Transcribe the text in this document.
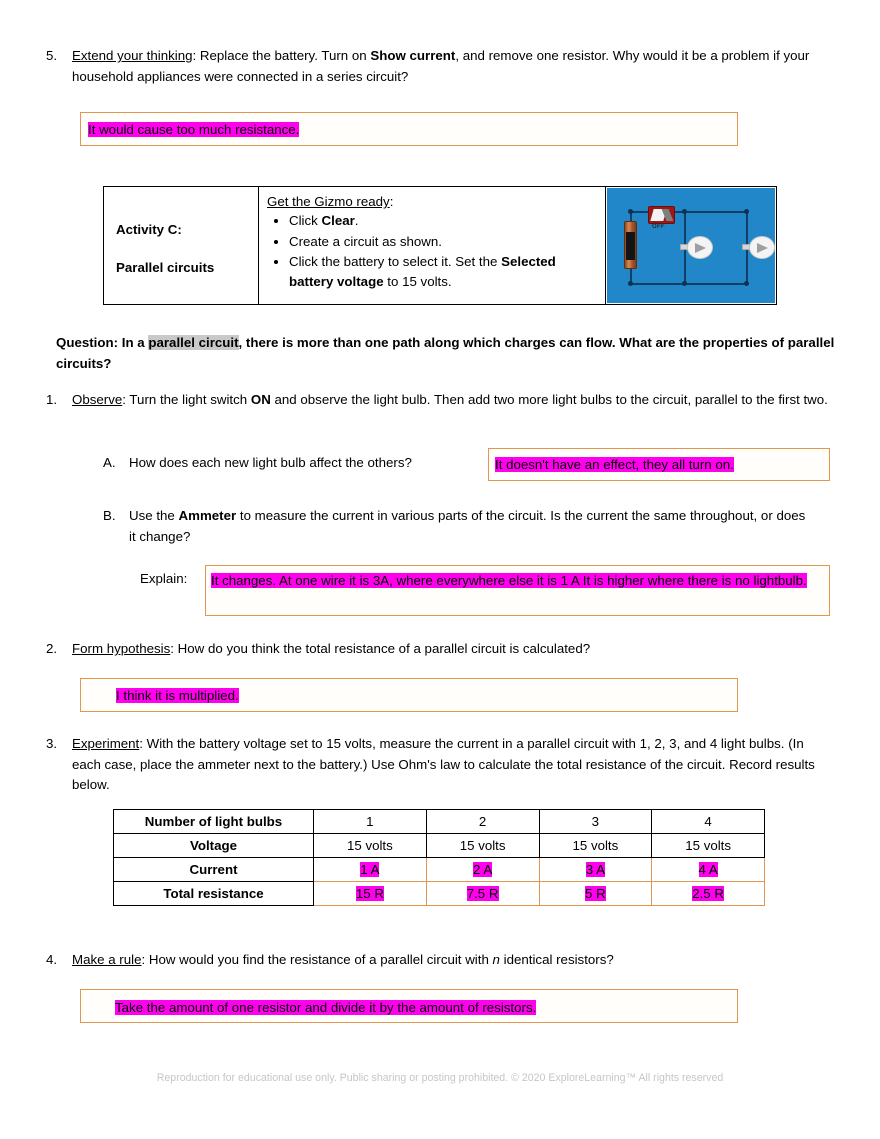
5.	Extend your thinking: Replace the battery. Turn on Show current, and remove one resistor. Why would it be a problem if your household appliances were connected in a series circuit?
It would cause too much resistance.
Activity C:
Parallel circuits
Get the Gizmo ready:
• Click Clear.
• Create a circuit as shown.
• Click the battery to select it. Set the Selected battery voltage to 15 volts.
OFF
Question: In a parallel circuit, there is more than one path along which charges can flow. What are the properties of parallel circuits?
1.	Observe: Turn the light switch ON and observe the light bulb. Then add two more light bulbs to the circuit, parallel to the first two.
A.	How does each new light bulb affect the others?	It doesn't have an effect, they all turn on.
B.	Use the Ammeter to measure the current in various parts of the circuit. Is the current the same throughout, or does it change?
Explain: It changes. At one wire it is 3A, where everywhere else it is 1 A It is higher where there is no lightbulb.
2.	Form hypothesis: How do you think the total resistance of a parallel circuit is calculated?
I think it is multiplied.
3.	Experiment: With the battery voltage set to 15 volts, measure the current in a parallel circuit with 1, 2, 3, and 4 light bulbs. (In each case, place the ammeter next to the battery.) Use Ohm's law to calculate the total resistance of the circuit. Record results below.
Number of light bulbs	1	2	3	4
Voltage	15 volts	15 volts	15 volts	15 volts
Current	1 A	2 A	3 A	4 A
Total resistance	15 R	7.5 R	5 R	2.5 R
4.	Make a rule: How would you find the resistance of a parallel circuit with n identical resistors?
Take the amount of one resistor and divide it by the amount of resistors.
Reproduction for educational use only. Public sharing or posting prohibited. © 2020 ExploreLearning™ All rights reserved
